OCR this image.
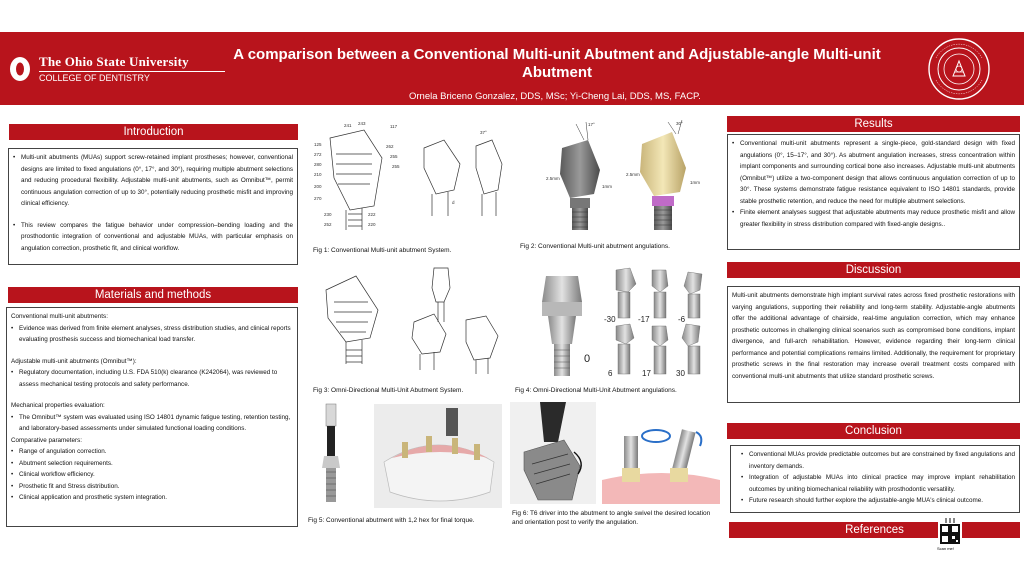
The Ohio State University
COLLEGE OF DENTISTRY
A comparison between a Conventional Multi-unit Abutment and Adjustable-angle Multi-unit Abutment
Ornela Briceno Gonzalez, DDS, MSc; Yi-Cheng Lai, DDS, MS, FACP.
Introduction
• Multi-unit abutments (MUAs) support screw-retained implant prostheses; however, conventional designs are limited to fixed angulations (0°, 17°, and 30°), requiring multiple abutment selections and reducing procedural flexibility. Adjustable multi-unit abutments, such as Omnibut™, permit continuous angulation correction of up to 30°, potentially reducing prosthetic misfit and improving clinical efficiency.
• This review compares the fatigue behavior under compression–bending loading and the prosthodontic integration of conventional and adjustable MUAs, with particular emphasis on angulation correction, prosthetic fit, and clinical workflow.
Materials and methods
Conventional multi-unit abutments:
• Evidence was derived from finite element analyses, stress distribution studies, and clinical reports evaluating prosthesis success and biomechanical load transfer.
Adjustable multi-unit abutments (Omnibut™):
• Regulatory documentation, including U.S. FDA 510(k) clearance (K242064), was reviewed to assess mechanical testing protocols and safety performance.
Mechanical properties evaluation:
• The Omnibut™ system was evaluated using ISO 14801 dynamic fatigue testing, retention testing, and laboratory-based assessments under simulated functional loading conditions.
Comparative parameters:
• Range of angulation correction.
• Abutment selection requirements.
• Clinical workflow efficiency.
• Prosthetic fit and Stress distribution.
• Clinical application and prosthetic system integration.
241 243
125
272
280
210
200
270
262
255
117
37°
230	222
252	220
255
d
Fig 1: Conventional Multi-unit abutment System.
17°	30°
2.5mm
2.5mm
1mm
1mm
Fig 2: Conventional Multi-unit abutment angulations.
Fig 3: Omni-Directional Multi-Unit Abutment System.
-30	-17	-6
0
6	17	30
Fig 4: Omni-Directional Multi-Unit Abutment angulations.
Fig 5: Conventional abutment with 1,2 hex for final torque.
Fig 6: T6 driver into the abutment to angle swivel the desired location and orientation post to verify the angulation.
Results
• Conventional multi-unit abutments represent a single-piece, gold-standard design with fixed angulations (0°, 15–17°, and 30°). As abutment angulation increases, stress concentration within implant components and surrounding cortical bone also increases. Adjustable multi-unit abutments (Omnibut™) utilize a two-component design that allows continuous angulation correction of up to 30°. These systems demonstrate fatigue resistance equivalent to ISO 14801 standards, provide stable prosthetic retention, and reduce the need for multiple abutment selections.
• Finite element analyses suggest that adjustable abutments may reduce prosthetic misfit and allow greater flexibility in stress distribution compared with fixed-angle designs..
Discussion
Multi-unit abutments demonstrate high implant survival rates across fixed prosthetic restorations with varying angulations, supporting their reliability and long-term stability. Adjustable-angle abutments offer the additional advantage of chairside, real-time angulation correction, which may enhance prosthetic outcomes in challenging clinical scenarios such as compromised bone conditions, implant divergence, and full-arch rehabilitation. However, evidence regarding their long-term clinical performance and potential complications remains limited. Additionally, the requirement for proprietary prosthetic screws in the final restoration may increase overall treatment costs compared with conventional multi-unit abutments that utilize standard prosthetic screws.
Conclusion
• Conventional MUAs provide predictable outcomes but are constrained by fixed angulations and inventory demands.
• Integration of adjustable MUAs into clinical practice may improve implant rehabilitation outcomes by uniting biomechanical reliability with prosthodontic versatility.
• Future research should further explore the adjustable-angle MUA's clinical outcome.
References
Scan me!
